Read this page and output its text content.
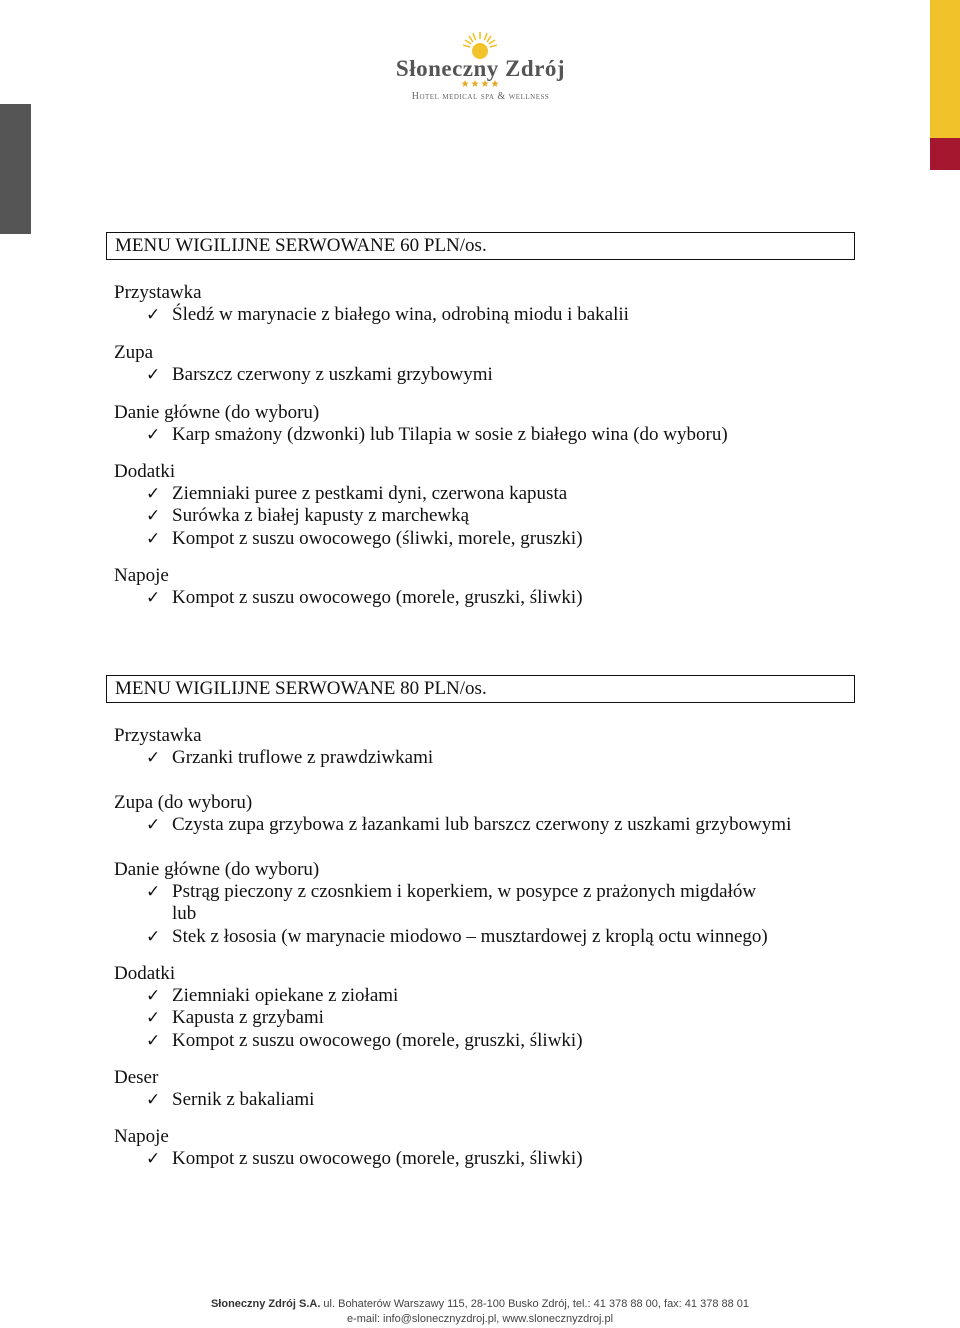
Słoneczny Zdrój
★★★★
Hotel medical spa & wellness
MENU WIGILIJNE SERWOWANE 60 PLN/os.
Przystawka
✓ Śledź w marynacie z białego wina, odrobiną miodu i bakalii
Zupa
✓ Barszcz czerwony z uszkami grzybowymi
Danie główne (do wyboru)
✓ Karp smażony (dzwonki) lub Tilapia w sosie z białego wina (do wyboru)
Dodatki
✓ Ziemniaki puree z pestkami dyni, czerwona kapusta
✓ Surówka z białej kapusty z marchewką
✓ Kompot z suszu owocowego (śliwki, morele, gruszki)
Napoje
✓ Kompot z suszu owocowego (morele, gruszki, śliwki)
MENU WIGILIJNE SERWOWANE 80 PLN/os.
Przystawka
✓ Grzanki truflowe z prawdziwkami
Zupa (do wyboru)
✓ Czysta zupa grzybowa z łazankami lub barszcz czerwony z uszkami grzybowymi
Danie główne (do wyboru)
✓ Pstrąg pieczony z czosnkiem i koperkiem, w posypce z prażonych migdałów
lub
✓ Stek z łososia (w marynacie miodowo – musztardowej z kroplą octu winnego)
Dodatki
✓ Ziemniaki opiekane z ziołami
✓ Kapusta z grzybami
✓ Kompot z suszu owocowego (morele, gruszki, śliwki)
Deser
✓ Sernik z bakaliami
Napoje
✓ Kompot z suszu owocowego (morele, gruszki, śliwki)
Słoneczny Zdrój S.A. ul. Bohaterów Warszawy 115, 28-100 Busko Zdrój, tel.: 41 378 88 00, fax: 41 378 88 01
e-mail: info@slonecznyzdroj.pl, www.slonecznyzdroj.pl
